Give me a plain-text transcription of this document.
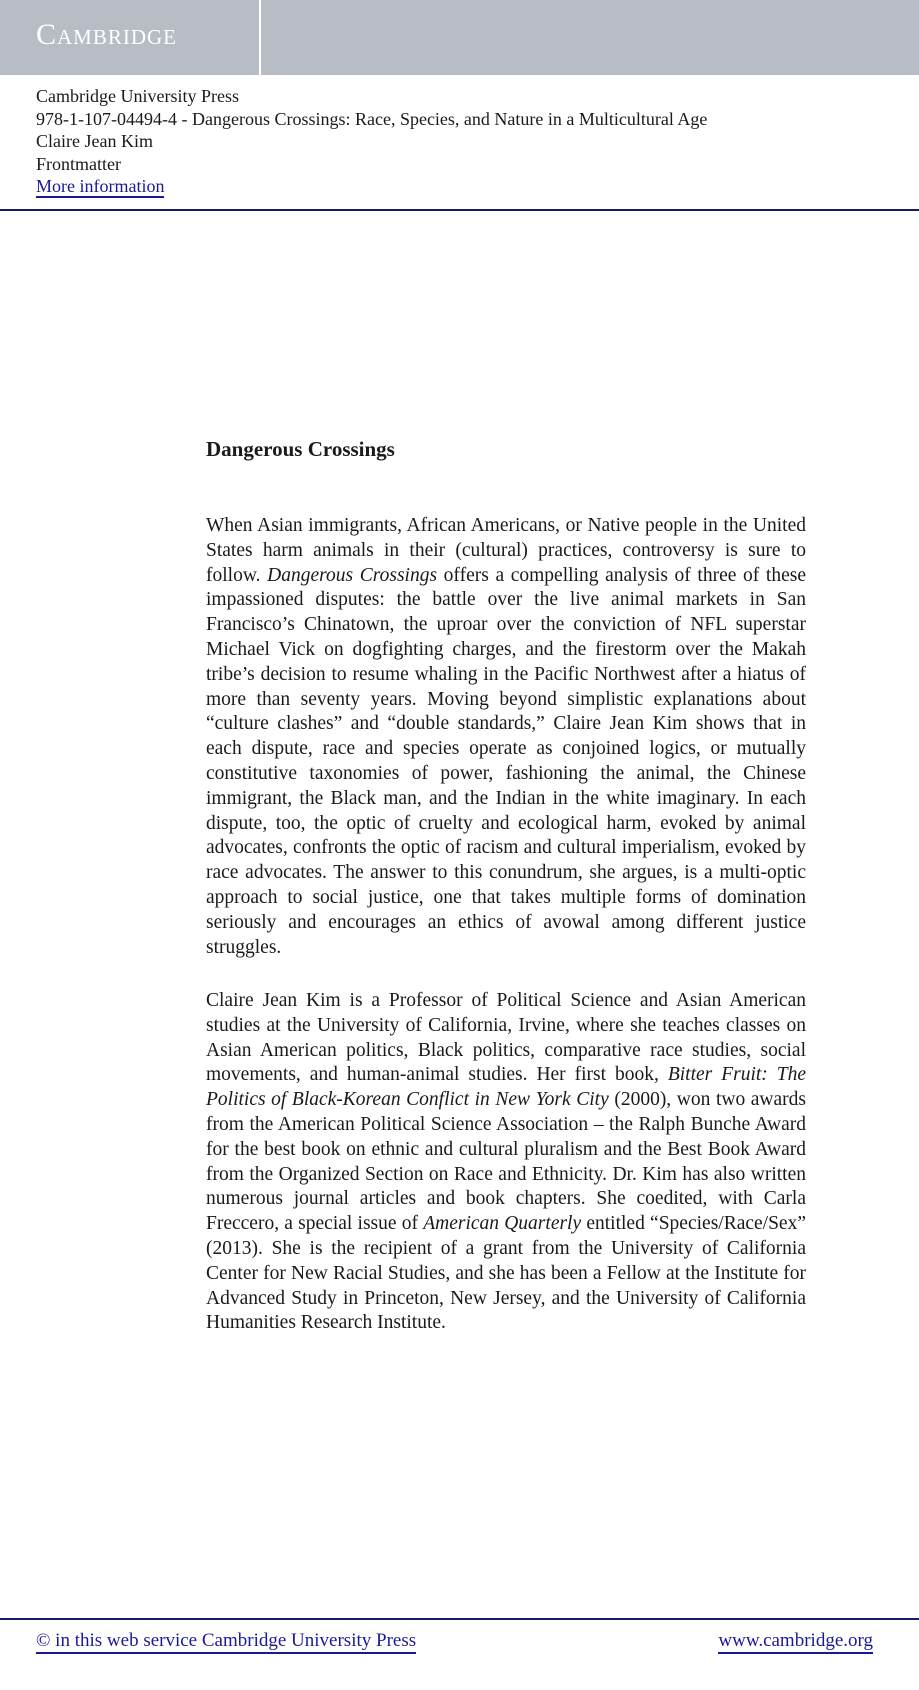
Cambridge
Cambridge University Press
978-1-107-04494-4 - Dangerous Crossings: Race, Species, and Nature in a Multicultural Age
Claire Jean Kim
Frontmatter
More information
Dangerous Crossings
When Asian immigrants, African Americans, or Native people in the United States harm animals in their (cultural) practices, controversy is sure to follow. Dangerous Crossings offers a compelling analysis of three of these impassioned disputes: the battle over the live animal markets in San Francisco’s Chinatown, the uproar over the conviction of NFL superstar Michael Vick on dogfighting charges, and the firestorm over the Makah tribe’s decision to resume whaling in the Pacific Northwest after a hiatus of more than seventy years. Moving beyond simplistic explanations about “culture clashes” and “double standards,” Claire Jean Kim shows that in each dispute, race and species operate as conjoined logics, or mutually constitutive taxonomies of power, fashioning the animal, the Chinese immigrant, the Black man, and the Indian in the white imaginary. In each dispute, too, the optic of cruelty and ecological harm, evoked by animal advocates, confronts the optic of racism and cultural imperialism, evoked by race advocates. The answer to this conundrum, she argues, is a multi-optic approach to social justice, one that takes multiple forms of domination seriously and encourages an ethics of avowal among different justice struggles.
Claire Jean Kim is a Professor of Political Science and Asian American studies at the University of California, Irvine, where she teaches classes on Asian American politics, Black politics, comparative race studies, social movements, and human-animal studies. Her first book, Bitter Fruit: The Politics of Black-Korean Conflict in New York City (2000), won two awards from the American Political Science Association – the Ralph Bunche Award for the best book on ethnic and cultural pluralism and the Best Book Award from the Organized Section on Race and Ethnicity. Dr. Kim has also written numerous journal articles and book chapters. She coedited, with Carla Freccero, a special issue of American Quarterly entitled “Species/Race/Sex” (2013). She is the recipient of a grant from the University of California Center for New Racial Studies, and she has been a Fellow at the Institute for Advanced Study in Princeton, New Jersey, and the University of California Humanities Research Institute.
© in this web service Cambridge University Press	www.cambridge.org
